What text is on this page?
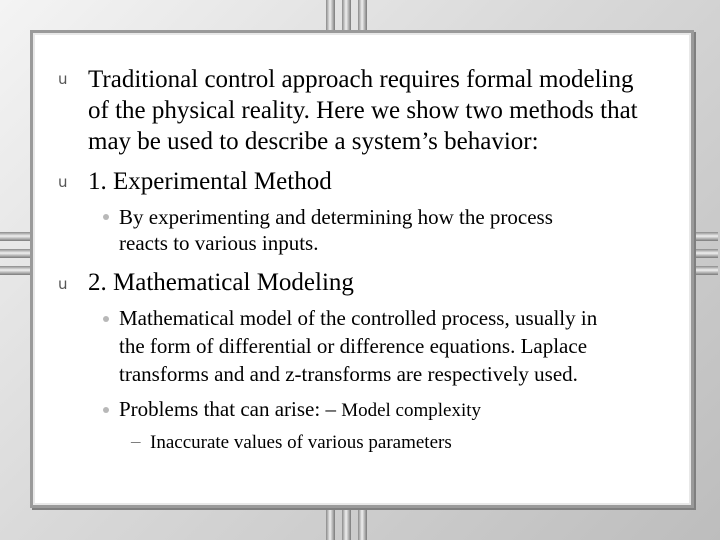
u Traditional control approach requires formal modeling
of the physical reality. Here we show two methods that
may be used to describe a system’s behavior:
u 1. Experimental Method
By experimenting and determining how the process
reacts to various inputs.
u 2. Mathematical Modeling
Mathematical model of the controlled process, usually in
the form of differential or difference equations. Laplace
transforms and and z-transforms are respectively used.
Problems that can arise: – Model complexity
– Inaccurate values of various parameters
